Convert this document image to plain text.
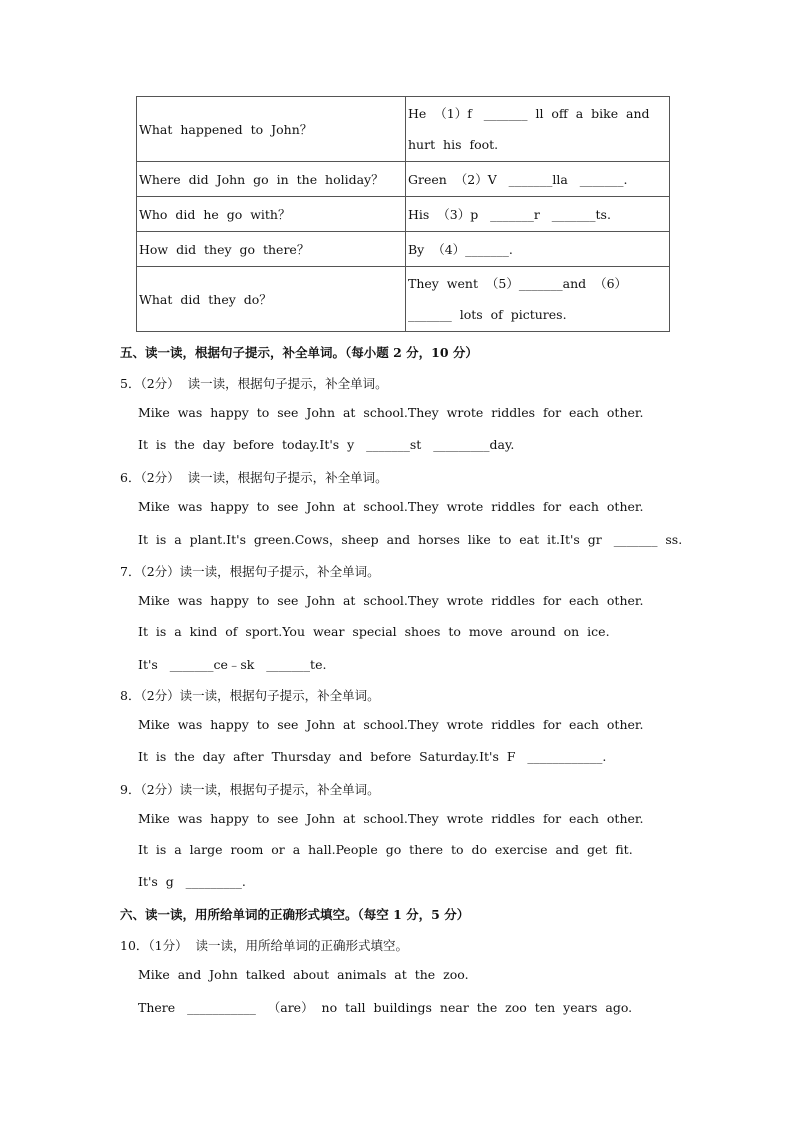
What  happened  to  John？	He  （1）f   _______  ll  off  a  bike  and  hurt  his  foot.
Where  did  John  go  in  the  holiday？	Green  （2）V   _______lla   _______.
Who  did  he  go  with？	His  （3）p   _______r   _______ts.
How  did  they  go  there？	By  （4）_______.
What  did  they  do？	They  went  （5）_______and  （6）_______  lots  of  pictures.
五、读一读，根据句子提示，补全单词。（每小题 2 分，10 分）
5．（2分）  读一读，根据句子提示，补全单词。
Mike  was  happy  to  see  John  at  school.They  wrote  riddles  for  each  other.
It  is  the  day  before  today.It's  y   _______st   _________day.
6．（2分）  读一读，根据句子提示，补全单词。
Mike  was  happy  to  see  John  at  school.They  wrote  riddles  for  each  other.
It  is  a  plant.It's  green.Cows，sheep  and  horses  like  to  eat  it.It's  gr   _______  ss.
7．（2分）读一读，根据句子提示，补全单词。
Mike  was  happy  to  see  John  at  school.They  wrote  riddles  for  each  other.
It  is  a  kind  of  sport.You  wear  special  shoes  to  move  around  on  ice.
It's   _______ce﹣sk   _______te.
8．（2分）读一读，根据句子提示，补全单词。
Mike  was  happy  to  see  John  at  school.They  wrote  riddles  for  each  other.
It  is  the  day  after  Thursday  and  before  Saturday.It's  F   ____________.
9．（2分）读一读，根据句子提示，补全单词。
Mike  was  happy  to  see  John  at  school.They  wrote  riddles  for  each  other.
It  is  a  large  room  or  a  hall.People  go  there  to  do  exercise  and  get  fit.
It's  g   _________.
六、读一读，用所给单词的正确形式填空。（每空 1 分，5 分）
10．（1分）  读一读，用所给单词的正确形式填空。
Mike  and  John  talked  about  animals  at  the  zoo.
There   ___________   （are）  no  tall  buildings  near  the  zoo  ten  years  ago.
